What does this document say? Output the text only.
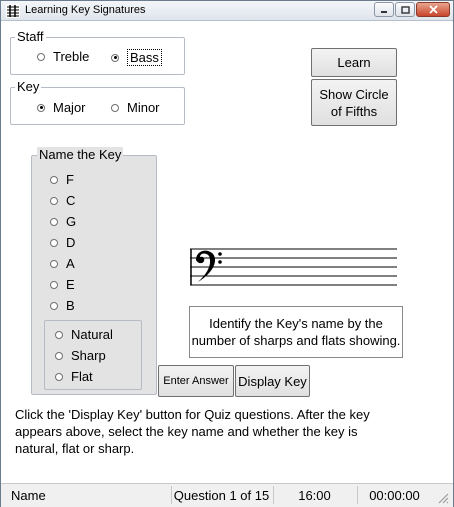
Learning Key Signatures
Staff
Treble	Bass
Key
Major	Minor
Learn
Show Circle
of Fifths
Name the Key
F
C
G
D
A
E
B
Natural
Sharp
Flat
Identify the Key's name by the
number of sharps and flats showing.
Enter Answer Display Key
Click the 'Display Key' button for Quiz questions. After the key
appears above, select the key name and whether the key is
natural, flat or sharp.
Name	Question 1 of 15 16:00	00:00:00
